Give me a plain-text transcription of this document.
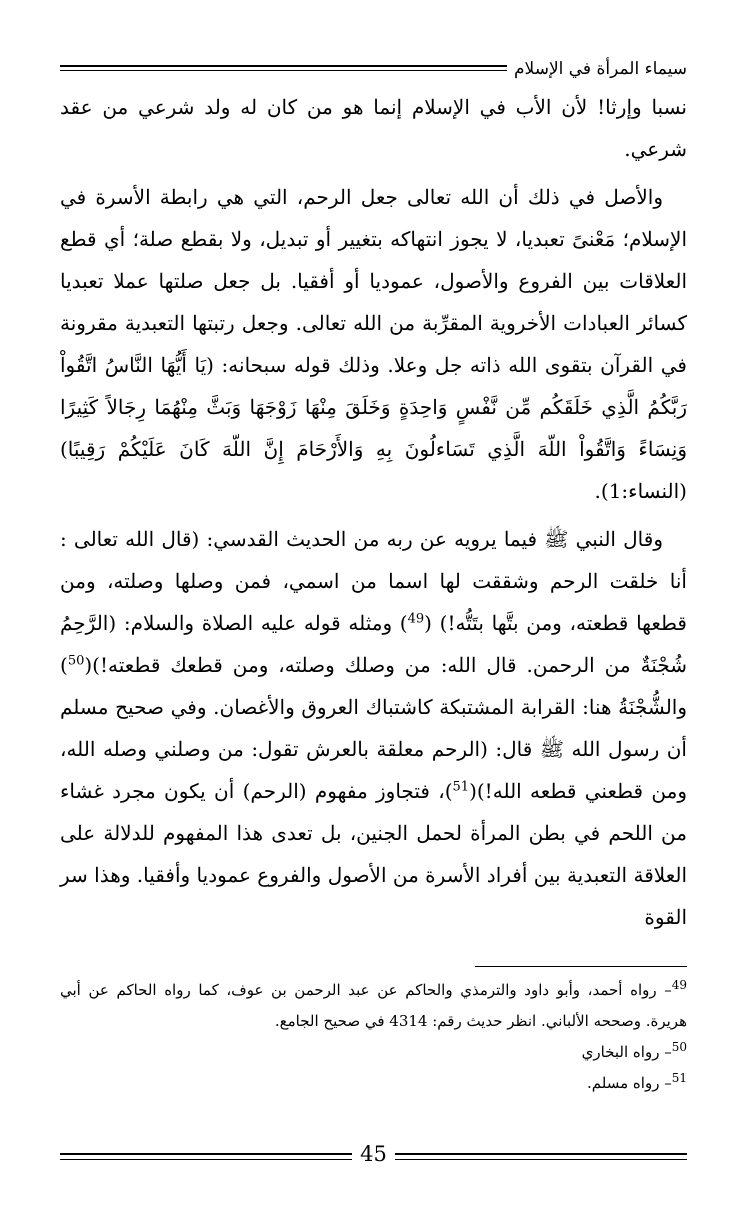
سيماء المرأة في الإسلام

نسبا وإرثا! لأن الأب في الإسلام إنما هو من كان له ولد شرعي من عقد شرعي.

والأصل في ذلك أن الله تعالى جعل الرحم، التي هي رابطة الأسرة في الإسلام؛ مَعْنىً تعبديا، لا يجوز انتهاكه بتغيير أو تبديل، ولا بقطع صلة؛ أي قطع العلاقات بين الفروع والأصول، عموديا أو أفقيا. بل جعل صلتها عملا تعبديا كسائر العبادات الأخروية المقرِّبة من الله تعالى. وجعل رتبتها التعبدية مقرونة في القرآن بتقوى الله ذاته جل وعلا. وذلك قوله سبحانه: (يَا أَيُّهَا النَّاسُ اتَّقُواْ رَبَّكُمُ الَّذِي خَلَقَكُم مِّن نَّفْسٍ وَاحِدَةٍ وَخَلَقَ مِنْهَا زَوْجَهَا وَبَثَّ مِنْهُمَا رِجَالاً كَثِيرًا وَنِسَاءً وَاتَّقُواْ اللّهَ الَّذِي تَسَاءلُونَ بِهِ وَالأَرْحَامَ إِنَّ اللّهَ كَانَ عَلَيْكُمْ رَقِيبًا)(النساء:1).

وقال النبي ﷺ فيما يرويه عن ربه من الحديث القدسي: (قال الله تعالى : أنا خلقت الرحم وشققت لها اسما من اسمي، فمن وصلها وصلته، ومن قطعها قطعته، ومن بتَّها بتَتُّه!) ($^{49}$) ومثله قوله عليه الصلاة والسلام: (الرَّحِمُ شُجْنَةٌ من الرحمن. قال الله: من وصلك وصلته، ومن قطعك قطعته!)($^{50}$) والشُّجْنَةُ هنا: القرابة المشتبكة كاشتباك العروق والأغصان. وفي صحيح مسلم أن رسول الله ﷺ قال: (الرحم معلقة بالعرش تقول: من وصلني وصله الله، ومن قطعني قطعه الله!)($^{51}$)، فتجاوز مفهوم (الرحم) أن يكون مجرد غشاء من اللحم في بطن المرأة لحمل الجنين، بل تعدى هذا المفهوم للدلالة على العلاقة التعبدية بين أفراد الأسرة من الأصول والفروع عموديا وأفقيا. وهذا سر القوة

$^{49}$– رواه أحمد، وأبو داود والترمذي والحاكم عن عبد الرحمن بن عوف، كما رواه الحاكم عن أبي هريرة. وصححه الألباني. انظر حديث رقم: 4314 في صحيح الجامع.

$^{50}$– رواه البخاري

$^{51}$– رواه مسلم.

45
